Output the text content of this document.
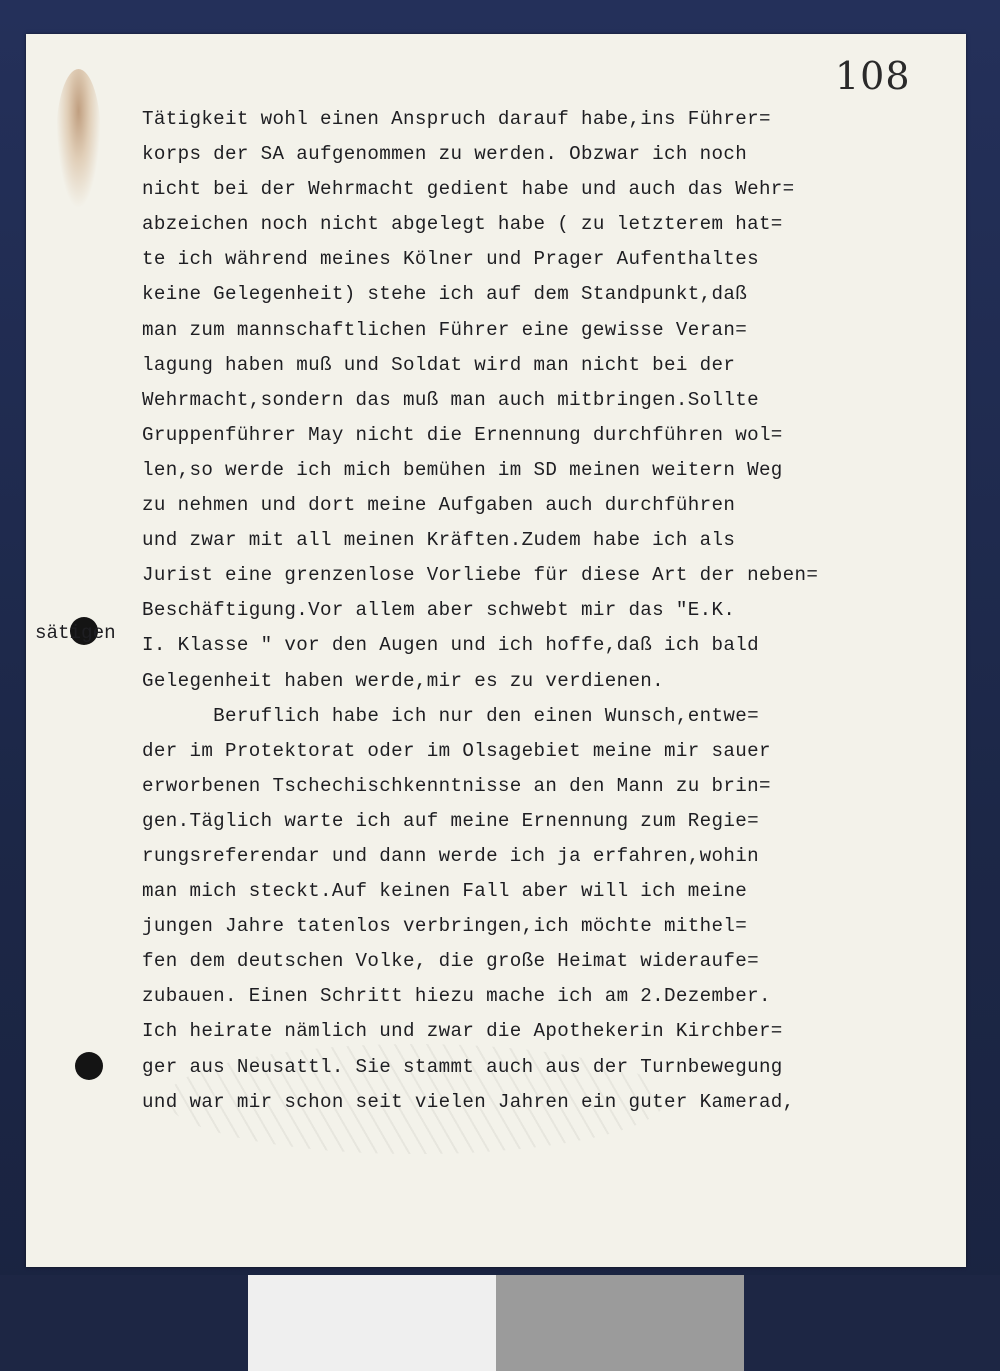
108
sätigen
Tätigkeit wohl einen Anspruch darauf habe,ins Führer=
korps der SA aufgenommen zu werden. Obzwar ich noch
nicht bei der Wehrmacht gedient habe und auch das Wehr=
abzeichen noch nicht abgelegt habe ( zu letzterem hat=
te ich während meines Kölner und Prager Aufenthaltes
keine Gelegenheit) stehe ich auf dem Standpunkt,daß
man zum mannschaftlichen Führer eine gewisse Veran=
lagung haben muß und Soldat wird man nicht bei der
Wehrmacht,sondern das muß man auch mitbringen.Sollte
Gruppenführer May nicht die Ernennung durchführen wol=
len,so werde ich mich bemühen im SD meinen weitern Weg
zu nehmen und dort meine Aufgaben auch durchführen
und zwar mit all meinen Kräften.Zudem habe ich als
Jurist eine grenzenlose Vorliebe für diese Art der neben=
Beschäftigung.Vor allem aber schwebt mir das "E.K.
I. Klasse " vor den Augen und ich hoffe,daß ich bald
Gelegenheit haben werde,mir es zu verdienen.
Beruflich habe ich nur den einen Wunsch,entwe=
der im Protektorat oder im Olsagebiet meine mir sauer
erworbenen Tschechischkenntnisse an den Mann zu brin=
gen.Täglich warte ich auf meine Ernennung zum Regie=
rungsreferendar und dann werde ich ja erfahren,wohin
man mich steckt.Auf keinen Fall aber will ich meine
jungen Jahre tatenlos verbringen,ich möchte mithel=
fen dem deutschen Volke, die große Heimat wideraufe=
zubauen. Einen Schritt hiezu mache ich am 2.Dezember.
Ich heirate nämlich und zwar die Apothekerin Kirchber=
ger aus Neusattl. Sie stammt auch aus der Turnbewegung
und war mir schon seit vielen Jahren ein guter Kamerad,
